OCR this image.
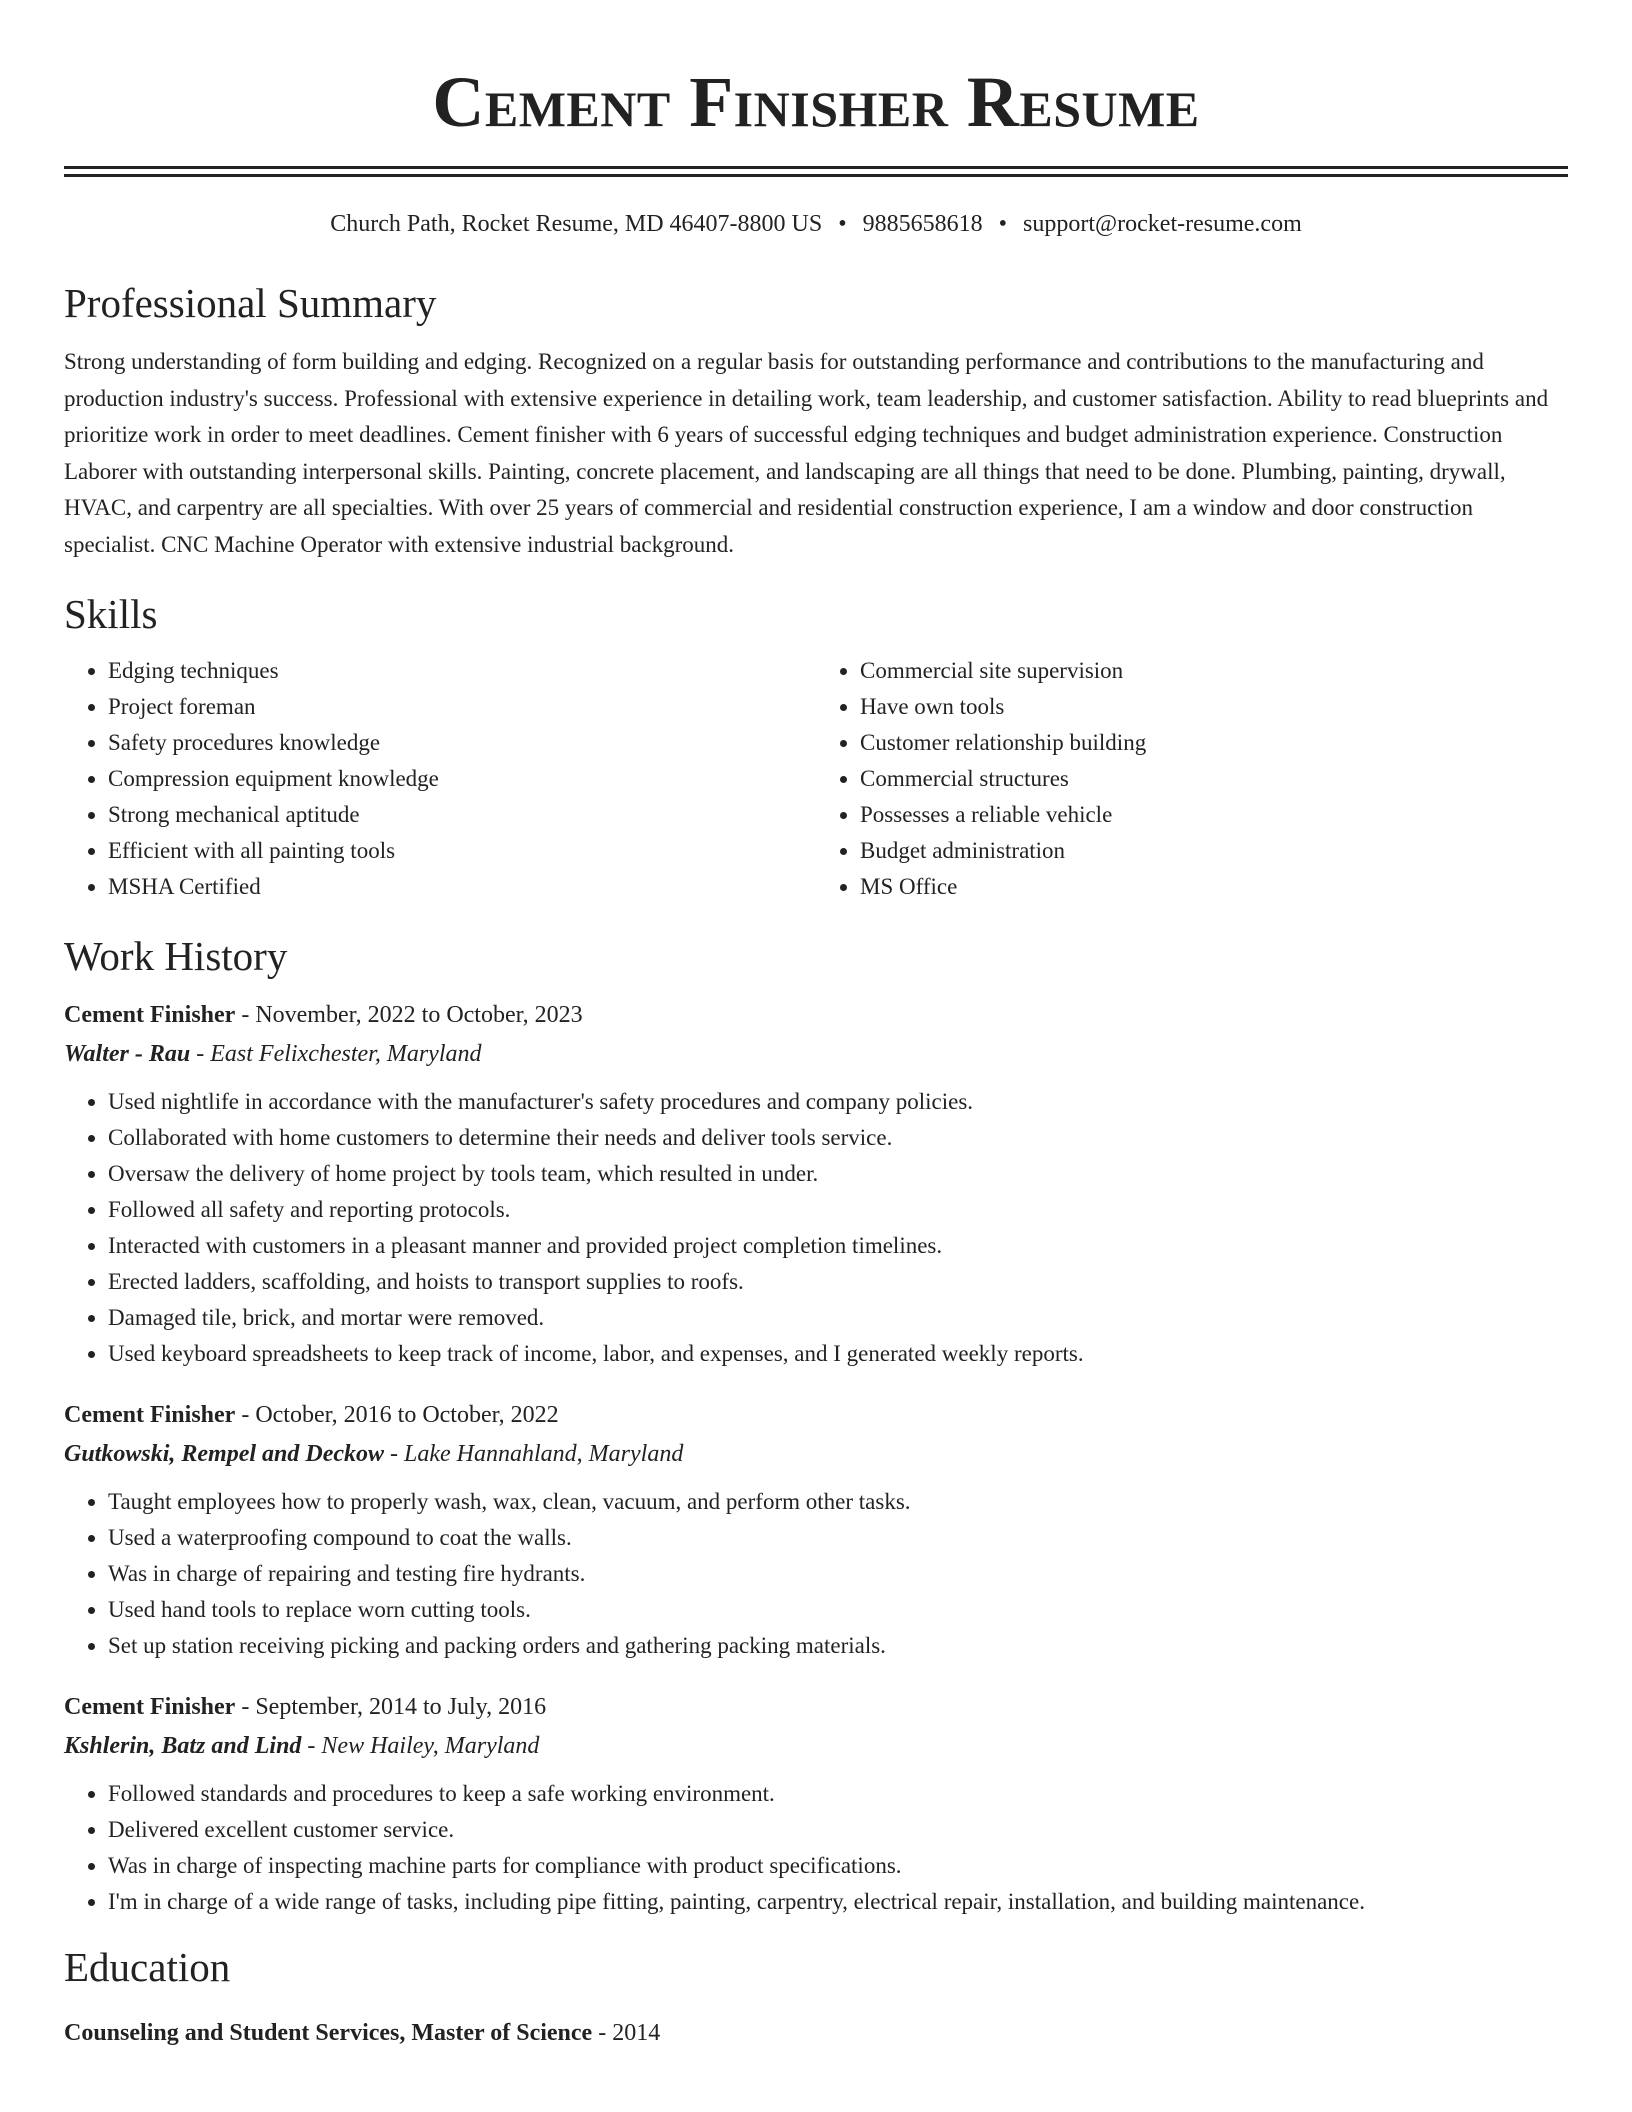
Cement Finisher Resume
Church Path, Rocket Resume, MD 46407-8800 US • 9885658618 • support@rocket-resume.com
Professional Summary

Strong understanding of form building and edging. Recognized on a regular basis for outstanding performance and contributions to the manufacturing and production industry's success. Professional with extensive experience in detailing work, team leadership, and customer satisfaction. Ability to read blueprints and prioritize work in order to meet deadlines. Cement finisher with 6 years of successful edging techniques and budget administration experience. Construction Laborer with outstanding interpersonal skills. Painting, concrete placement, and landscaping are all things that need to be done. Plumbing, painting, drywall, HVAC, and carpentry are all specialties. With over 25 years of commercial and residential construction experience, I am a window and door construction specialist. CNC Machine Operator with extensive industrial background.

Skills
• Edging techniques
• Project foreman
• Safety procedures knowledge
• Compression equipment knowledge
• Strong mechanical aptitude
• Efficient with all painting tools
• MSHA Certified
• Commercial site supervision
• Have own tools
• Customer relationship building
• Commercial structures
• Possesses a reliable vehicle
• Budget administration
• MS Office
Work History
Cement Finisher - November, 2022 to October, 2023
Walter - Rau - East Felixchester, Maryland
• Used nightlife in accordance with the manufacturer's safety procedures and company policies.
• Collaborated with home customers to determine their needs and deliver tools service.
• Oversaw the delivery of home project by tools team, which resulted in under.
• Followed all safety and reporting protocols.
• Interacted with customers in a pleasant manner and provided project completion timelines.
• Erected ladders, scaffolding, and hoists to transport supplies to roofs.
• Damaged tile, brick, and mortar were removed.
• Used keyboard spreadsheets to keep track of income, labor, and expenses, and I generated weekly reports.
Cement Finisher - October, 2016 to October, 2022
Gutkowski, Rempel and Deckow - Lake Hannahland, Maryland
• Taught employees how to properly wash, wax, clean, vacuum, and perform other tasks.
• Used a waterproofing compound to coat the walls.
• Was in charge of repairing and testing fire hydrants.
• Used hand tools to replace worn cutting tools.
• Set up station receiving picking and packing orders and gathering packing materials.
Cement Finisher - September, 2014 to July, 2016
Kshlerin, Batz and Lind - New Hailey, Maryland
• Followed standards and procedures to keep a safe working environment.
• Delivered excellent customer service.
• Was in charge of inspecting machine parts for compliance with product specifications.
• I'm in charge of a wide range of tasks, including pipe fitting, painting, carpentry, electrical repair, installation, and building maintenance.
Education
Counseling and Student Services, Master of Science - 2014
